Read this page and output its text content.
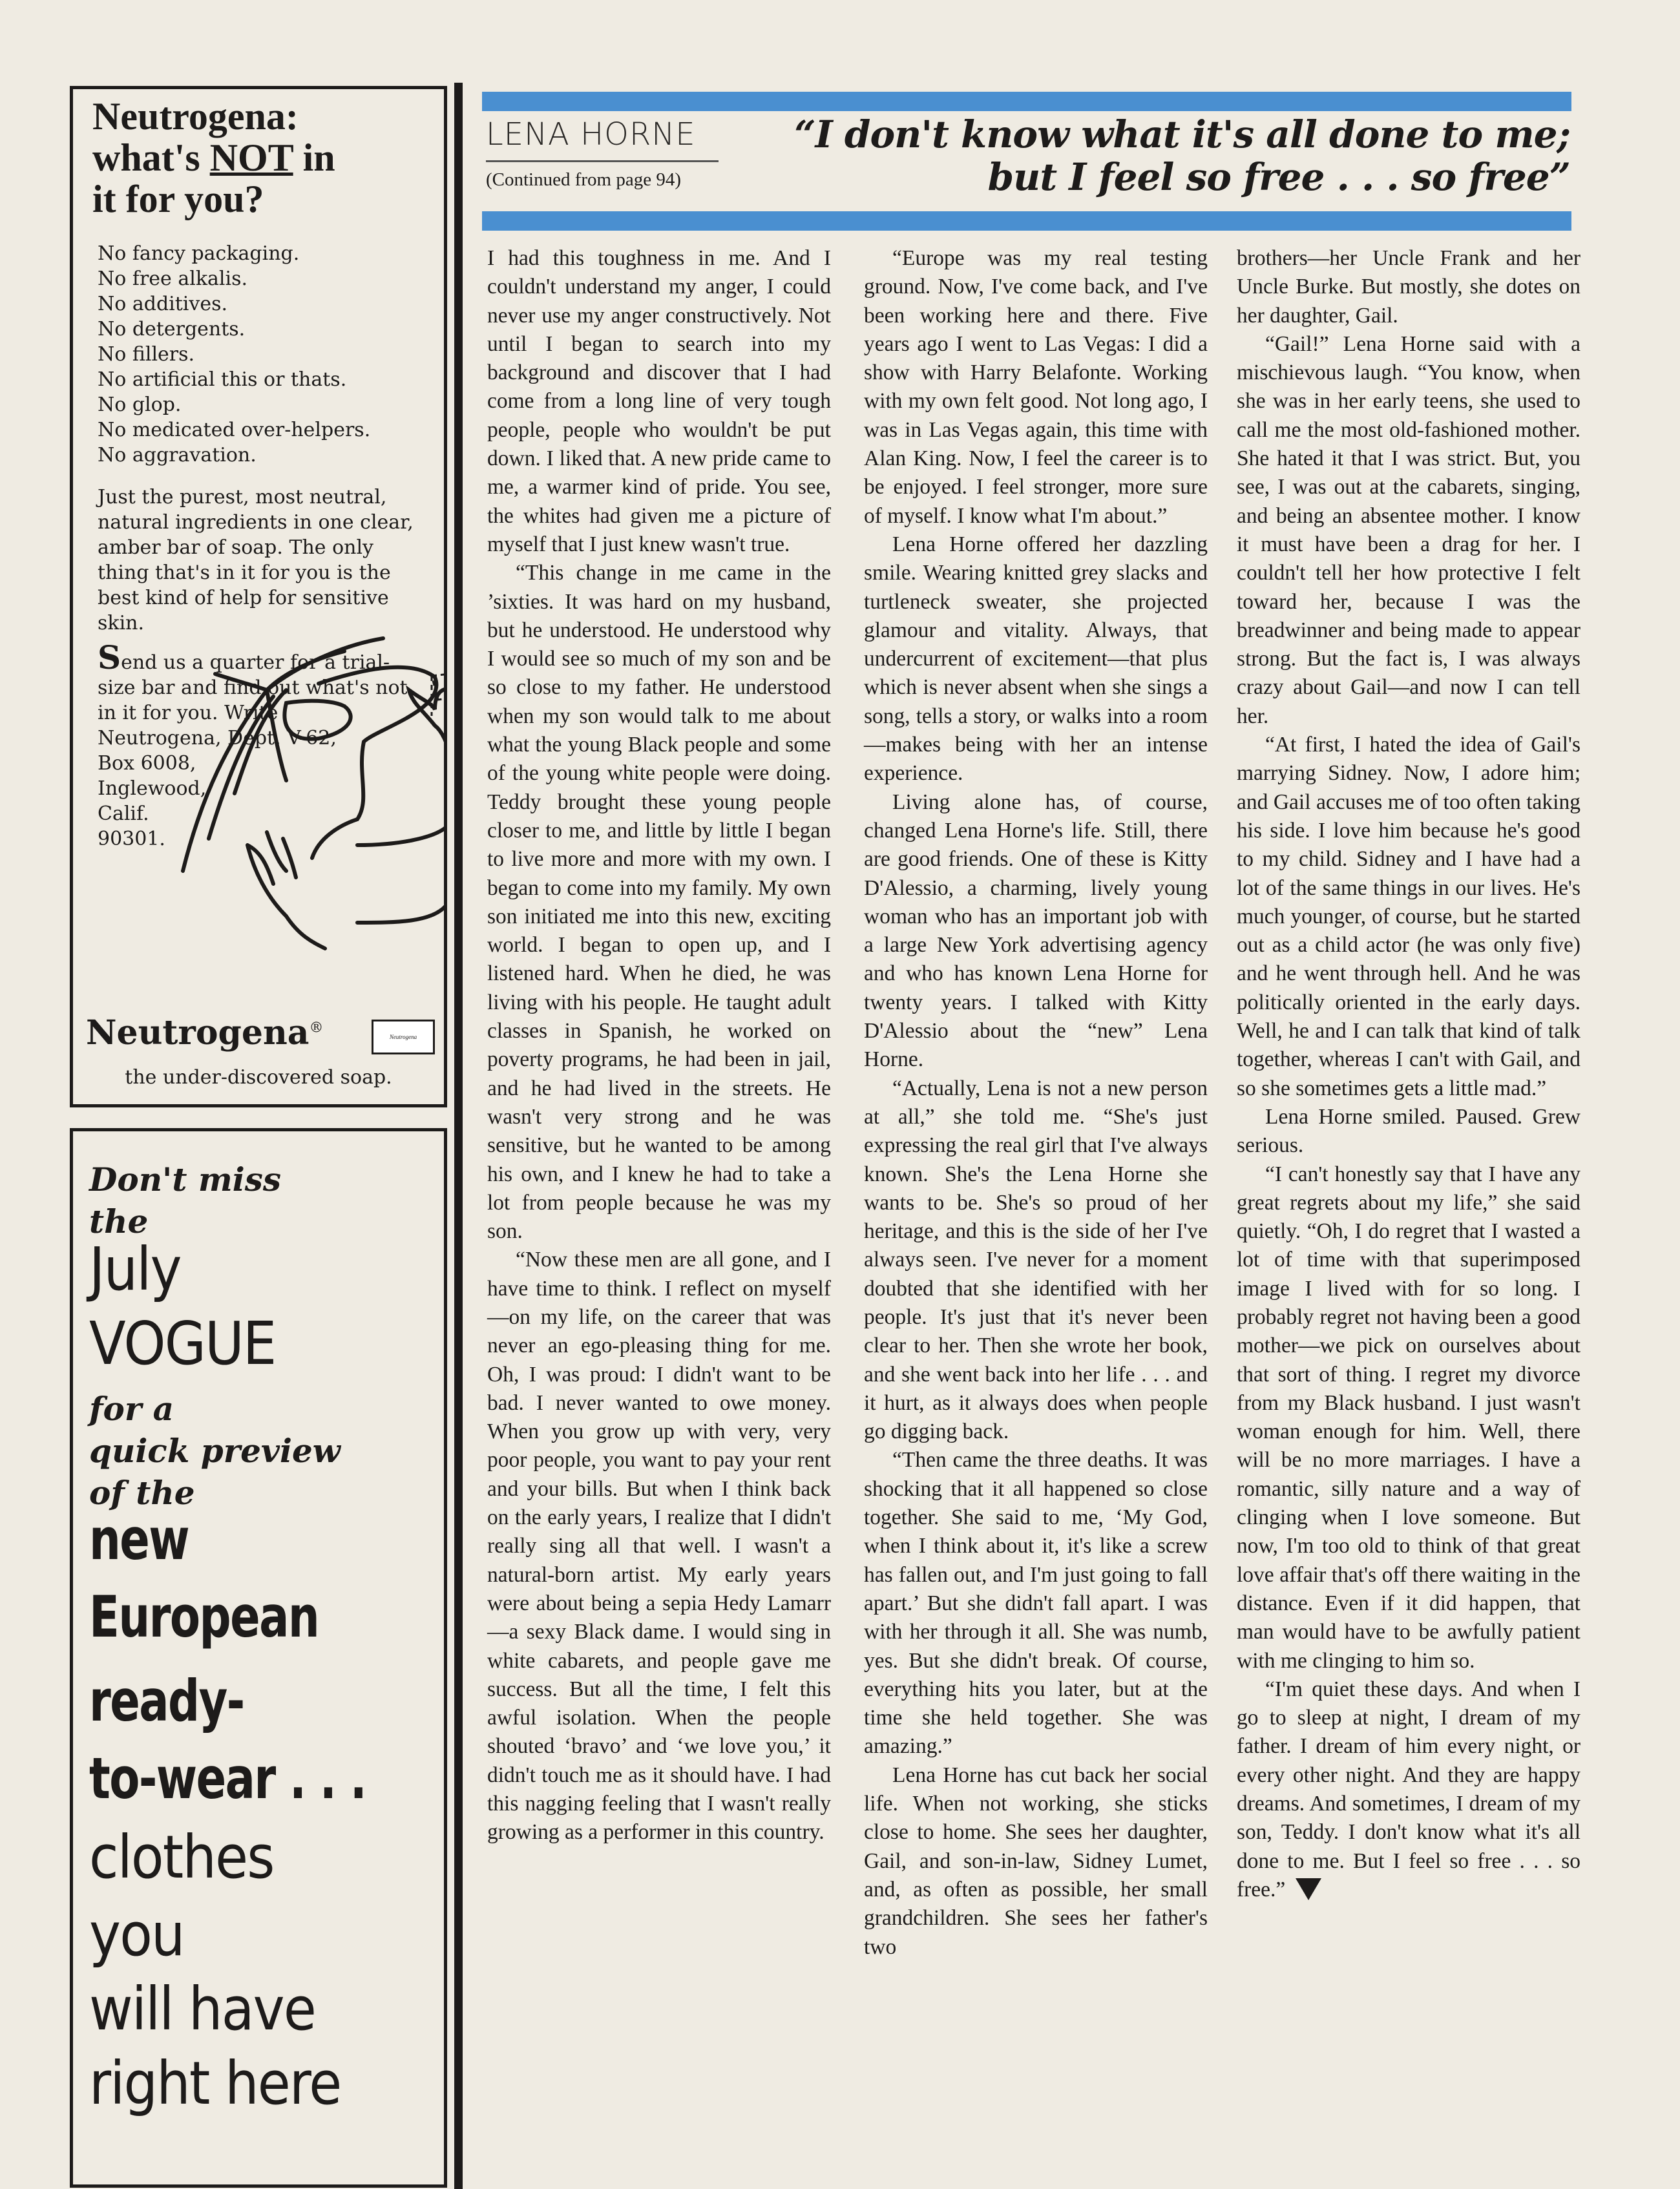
Neutrogena:
what's NOT in
it for you?
No fancy packaging.
No free alkalis.
No additives.
No detergents.
No fillers.
No artificial this or thats.
No glop.
No medicated over-helpers.
No aggravation.
Just the purest, most neutral, natural ingredients in one clear, amber bar of soap. The only thing that's in it for you is the best kind of help for sensitive skin.
Send us a quarter for a trial-size bar and find out what's not in it for you. Write
Neutrogena, Dept. V-62,
Box 6008,
Inglewood,
Calif.
90301.
Neutrogena®
Neutrogena
the under-discovered soap.
Don't miss
the
July
VOGUE
for a
quick preview
of the
new
European
ready-
to-wear . . .
clothes
you
will have
right here
LENA HORNE
(Continued from page 94)
“I don't know what it's all done to me;
but I feel so free . . . so free”

I had this toughness in me. And I couldn't understand my anger, I could never use my anger constructively. Not until I began to search into my background and discover that I had come from a long line of very tough people, people who wouldn't be put down. I liked that. A new pride came to me, a warmer kind of pride. You see, the whites had given me a picture of myself that I just knew wasn't true.

“This change in me came in the ’sixties. It was hard on my husband, but he understood. He understood why I would see so much of my son and be so close to my father. He understood when my son would talk to me about what the young Black people and some of the young white people were doing. Teddy brought these young people closer to me, and little by little I began to live more and more with my own. I began to come into my family. My own son initiated me into this new, exciting world. I began to open up, and I listened hard. When he died, he was living with his people. He taught adult classes in Spanish, he worked on poverty programs, he had been in jail, and he had lived in the streets. He wasn't very strong and he was sensitive, but he wanted to be among his own, and I knew he had to take a lot from people because he was my son.

“Now these men are all gone, and I have time to think. I reflect on myself—on my life, on the career that was never an ego-pleasing thing for me. Oh, I was proud: I didn't want to be bad. I never wanted to owe money. When you grow up with very, very poor people, you want to pay your rent and your bills. But when I think back on the early years, I realize that I didn't really sing all that well. I wasn't a natural-born artist. My early years were about being a sepia Hedy Lamarr—a sexy Black dame. I would sing in white cabarets, and people gave me success. But all the time, I felt this awful isolation. When the people shouted ‘bravo’ and ‘we love you,’ it didn't touch me as it should have. I had this nagging feeling that I wasn't really growing as a performer in this country.

“Europe was my real testing ground. Now, I've come back, and I've been working here and there. Five years ago I went to Las Vegas: I did a show with Harry Belafonte. Working with my own felt good. Not long ago, I was in Las Vegas again, this time with Alan King. Now, I feel the career is to be enjoyed. I feel stronger, more sure of myself. I know what I'm about.”

Lena Horne offered her dazzling smile. Wearing knitted grey slacks and turtleneck sweater, she projected glamour and vitality. Always, that undercurrent of excitement—that plus which is never absent when she sings a song, tells a story, or walks into a room—makes being with her an intense experience.

Living alone has, of course, changed Lena Horne's life. Still, there are good friends. One of these is Kitty D'Alessio, a charming, lively young woman who has an important job with a large New York advertising agency and who has known Lena Horne for twenty years. I talked with Kitty D'Alessio about the “new” Lena Horne.

“Actually, Lena is not a new person at all,” she told me. “She's just expressing the real girl that I've always known. She's the Lena Horne she wants to be. She's so proud of her heritage, and this is the side of her I've always seen. I've never for a moment doubted that she identified with her people. It's just that it's never been clear to her. Then she wrote her book, and she went back into her life . . . and it hurt, as it always does when people go digging back.

“Then came the three deaths. It was shocking that it all happened so close together. She said to me, ‘My God, when I think about it, it's like a screw has fallen out, and I'm just going to fall apart.’ But she didn't fall apart. I was with her through it all. She was numb, yes. But she didn't break. Of course, everything hits you later, but at the time she held together. She was amazing.”

Lena Horne has cut back her social life. When not working, she sticks close to home. She sees her daughter, Gail, and son-in-law, Sidney Lumet, and, as often as possible, her small grandchildren. She sees her father's two

brothers—her Uncle Frank and her Uncle Burke. But mostly, she dotes on her daughter, Gail.

“Gail!” Lena Horne said with a mischievous laugh. “You know, when she was in her early teens, she used to call me the most old-fashioned mother. She hated it that I was strict. But, you see, I was out at the cabarets, singing, and being an absentee mother. I know it must have been a drag for her. I couldn't tell her how protective I felt toward her, because I was the breadwinner and being made to appear strong. But the fact is, I was always crazy about Gail—and now I can tell her.

“At first, I hated the idea of Gail's marrying Sidney. Now, I adore him; and Gail accuses me of too often taking his side. I love him because he's good to my child. Sidney and I have had a lot of the same things in our lives. He's much younger, of course, but he started out as a child actor (he was only five) and he went through hell. And he was politically oriented in the early days. Well, he and I can talk that kind of talk together, whereas I can't with Gail, and so she sometimes gets a little mad.”

Lena Horne smiled. Paused. Grew serious.

“I can't honestly say that I have any great regrets about my life,” she said quietly. “Oh, I do regret that I wasted a lot of time with that superimposed image I lived with for so long. I probably regret not having been a good mother—we pick on ourselves about that sort of thing. I regret my divorce from my Black husband. I just wasn't woman enough for him. Well, there will be no more marriages. I have a romantic, silly nature and a way of clinging when I love someone. But now, I'm too old to think of that great love affair that's off there waiting in the distance. Even if it did happen, that man would have to be awfully patient with me clinging to him so.

“I'm quiet these days. And when I go to sleep at night, I dream of my father. I dream of him every night, or every other night. And they are happy dreams. And sometimes, I dream of my son, Teddy. I don't know what it's all done to me. But I feel so free . . . so free.”
